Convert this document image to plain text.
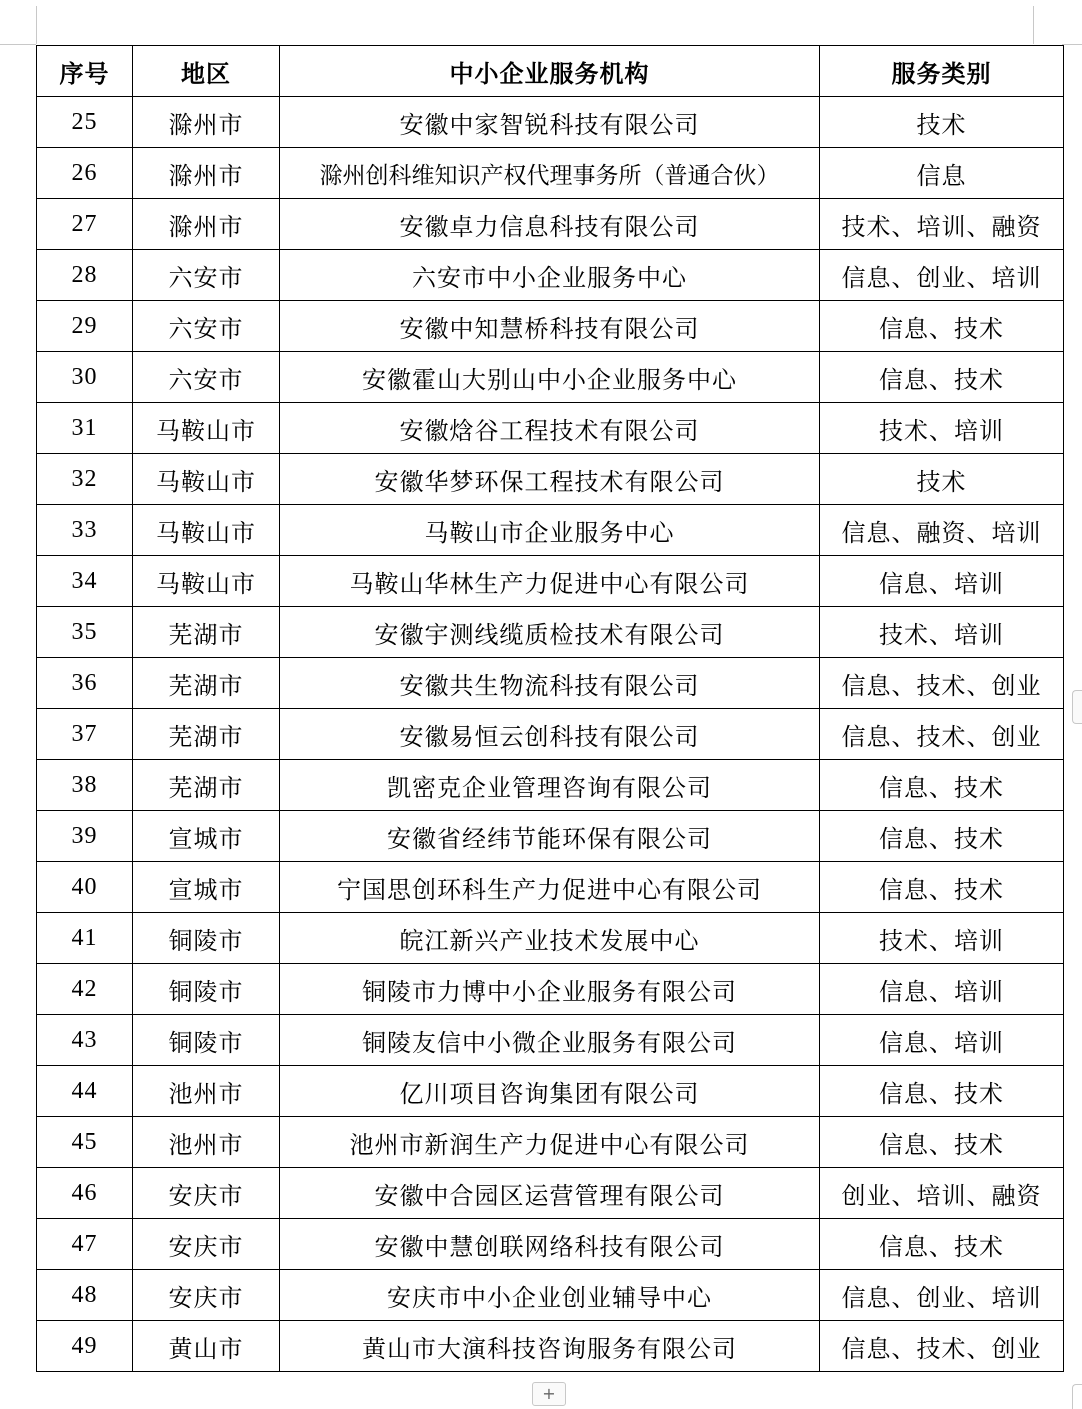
序号	地区	中小企业服务机构	服务类别
25	滁州市	安徽中家智锐科技有限公司	技术
26	滁州市	滁州创科维知识产权代理事务所（普通合伙）	信息
27	滁州市	安徽卓力信息科技有限公司	技术、培训、融资
28	六安市	六安市中小企业服务中心	信息、创业、培训
29	六安市	安徽中知慧桥科技有限公司	信息、技术
30	六安市	安徽霍山大别山中小企业服务中心	信息、技术
31	马鞍山市	安徽焓谷工程技术有限公司	技术、培训
32	马鞍山市	安徽华梦环保工程技术有限公司	技术
33	马鞍山市	马鞍山市企业服务中心	信息、融资、培训
34	马鞍山市	马鞍山华林生产力促进中心有限公司	信息、培训
35	芜湖市	安徽宇测线缆质检技术有限公司	技术、培训
36	芜湖市	安徽共生物流科技有限公司	信息、技术、创业
37	芜湖市	安徽易恒云创科技有限公司	信息、技术、创业
38	芜湖市	凯密克企业管理咨询有限公司	信息、技术
39	宣城市	安徽省经纬节能环保有限公司	信息、技术
40	宣城市	宁国思创环科生产力促进中心有限公司	信息、技术
41	铜陵市	皖江新兴产业技术发展中心	技术、培训
42	铜陵市	铜陵市力博中小企业服务有限公司	信息、培训
43	铜陵市	铜陵友信中小微企业服务有限公司	信息、培训
44	池州市	亿川项目咨询集团有限公司	信息、技术
45	池州市	池州市新润生产力促进中心有限公司	信息、技术
46	安庆市	安徽中合园区运营管理有限公司	创业、培训、融资
47	安庆市	安徽中慧创联网络科技有限公司	信息、技术
48	安庆市	安庆市中小企业创业辅导中心	信息、创业、培训
49	黄山市	黄山市大演科技咨询服务有限公司	信息、技术、创业
+
